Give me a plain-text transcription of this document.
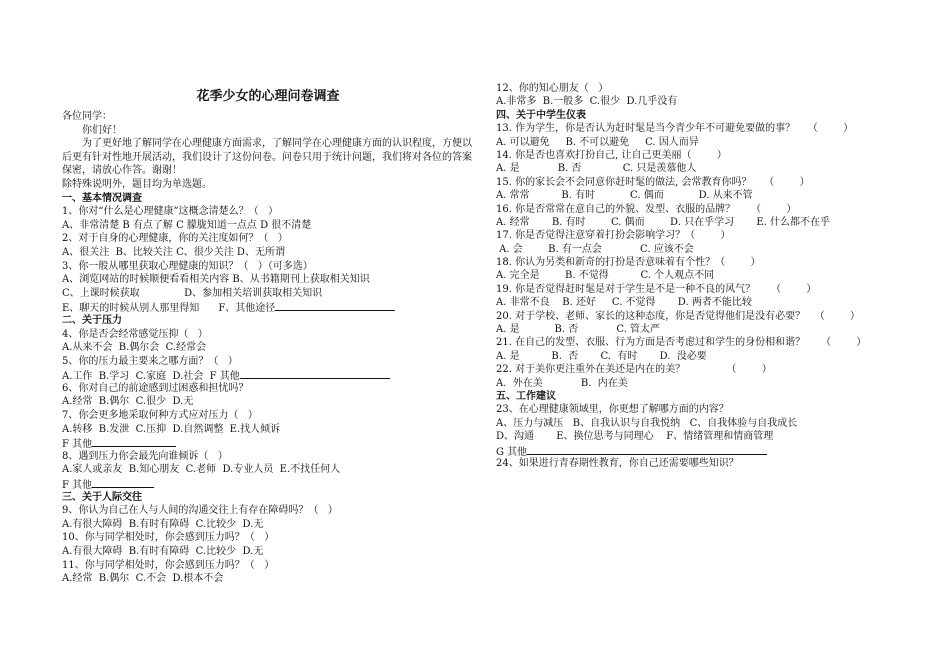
花季少女的心理问卷调查
各位同学：
你们好！
为了更好地了解同学在心理健康方面需求，了解同学在心理健康方面的认识程度，方便以后更有针对性地开展活动，我们设计了这份问卷。问卷只用于统计问题，我们将对各位的答案保密，请放心作答。谢谢！
除特殊说明外，题目均为单选题。
一、基本情况调查
1、你对“什么是心理健康”这概念清楚么？（   ）
A、非常清楚 B 有点了解 C 朦胧知道一点点 D 很不清楚
2、对于自身的心理健康，你的关注度如何？（   ）
A、很关注  B、比较关注 C、很少关注 D、无所谓
3、你一般从哪里获取心理健康的知识？（   ）（可多选）
A、浏览网站的时候顺便看看相关内容 B、从书籍期刊上获取相关知识
C、上课时候获取              D、参加相关培训获取相关知识
E、聊天的时候从别人那里得知      F、其他途径
二、关于压力
4、你是否会经常感觉压抑（   ）
A.从来不会  B.偶尔会  C.经常会
5、你的压力最主要来之哪方面？（   ）
A.工作  B.学习  C.家庭  D.社会  F 其他
6、你对自己的前途感到过困惑和担忧吗？
A.经常  B.偶尔  C.很少  D.无
7、你会更多地采取何种方式应对压力（   ）
A.转移  B.发泄  C.压抑  D.自然调整  E.找人倾诉
F 其他
8、遇到压力你会最先向谁倾诉（   ）
A.家人或亲友  B.知心朋友  C.老师  D.专业人员  E.不找任何人
F 其他
三、关于人际交往
9、你认为自己在人与人间的沟通交往上有存在障碍吗？（   ）
A.有很大障碍  B.有时有障碍  C.比较少  D.无
10、你与同学相处时，你会感到压力吗？（   ）
A.有很大障碍  B.有时有障碍  C.比较少  D.无
11、你与同学相处时，你会感到压力吗？（   ）
A.经常  B.偶尔  C.不会  D.根本不会
12、你的知心朋友（   ）
A.非常多  B.一般多  C.很少  D.几乎没有
四、关于中学生仪表
13. 作为学生，你是否认为赶时髦是当今青少年不可避免要做的事？    （        ）
A. 可以避免     B. 不可以避免     C. 因人而异
14. 你是否也喜欢打扮自己, 让自己更美丽（        ）
A. 是            B. 否             C. 只是羡慕他人
15. 你的家长会不会同意你赶时髦的做法, 会常教育你吗？    （        ）
A. 常常          B. 有时           C. 偶而           D. 从来不管
16. 你是否常常在意自己的外貌、发型、衣服的品牌？     （        ）
A. 经常       B. 有时        C. 偶而        D. 只在乎学习       E. 什么都不在乎
17. 你是否觉得注意穿着打扮会影响学习？（        ）
A. 会        B. 有一点会            C. 应该不会
18. 你认为另类和新奇的打扮是否意味着有个性？（        ）
A. 完全是        B. 不觉得          C. 个人观点不同
19. 你是否觉得赶时髦是对于学生是不是一种不良的风气？     （        ）
A. 非常不良    B. 还好     C. 不觉得       D. 两者不能比较
20. 对于学校、老师、家长的这种态度，你是否觉得他们是没有必要？   （        ）
A. 是           B. 否            C. 管太严
21. 在自己的发型、衣服、行为方面是否考虑过和学生的身份相和谐？     （        ）
A. 是          B.  否       C.  有时       D.  没必要
22. 对于美你更注重外在美还是内在的美？             （        ）
A.  外在美            B.  内在美
五、工作建议
23、在心理健康领域里，你更想了解哪方面的内容？
A、压力与减压   B、自我认识与自我悦纳   C、自我体验与自我成长
D、沟通       E、换位思考与同理心    F、情绪管理和情商管理
G 其他
24、如果进行青春期性教育，你自己还需要哪些知识？
